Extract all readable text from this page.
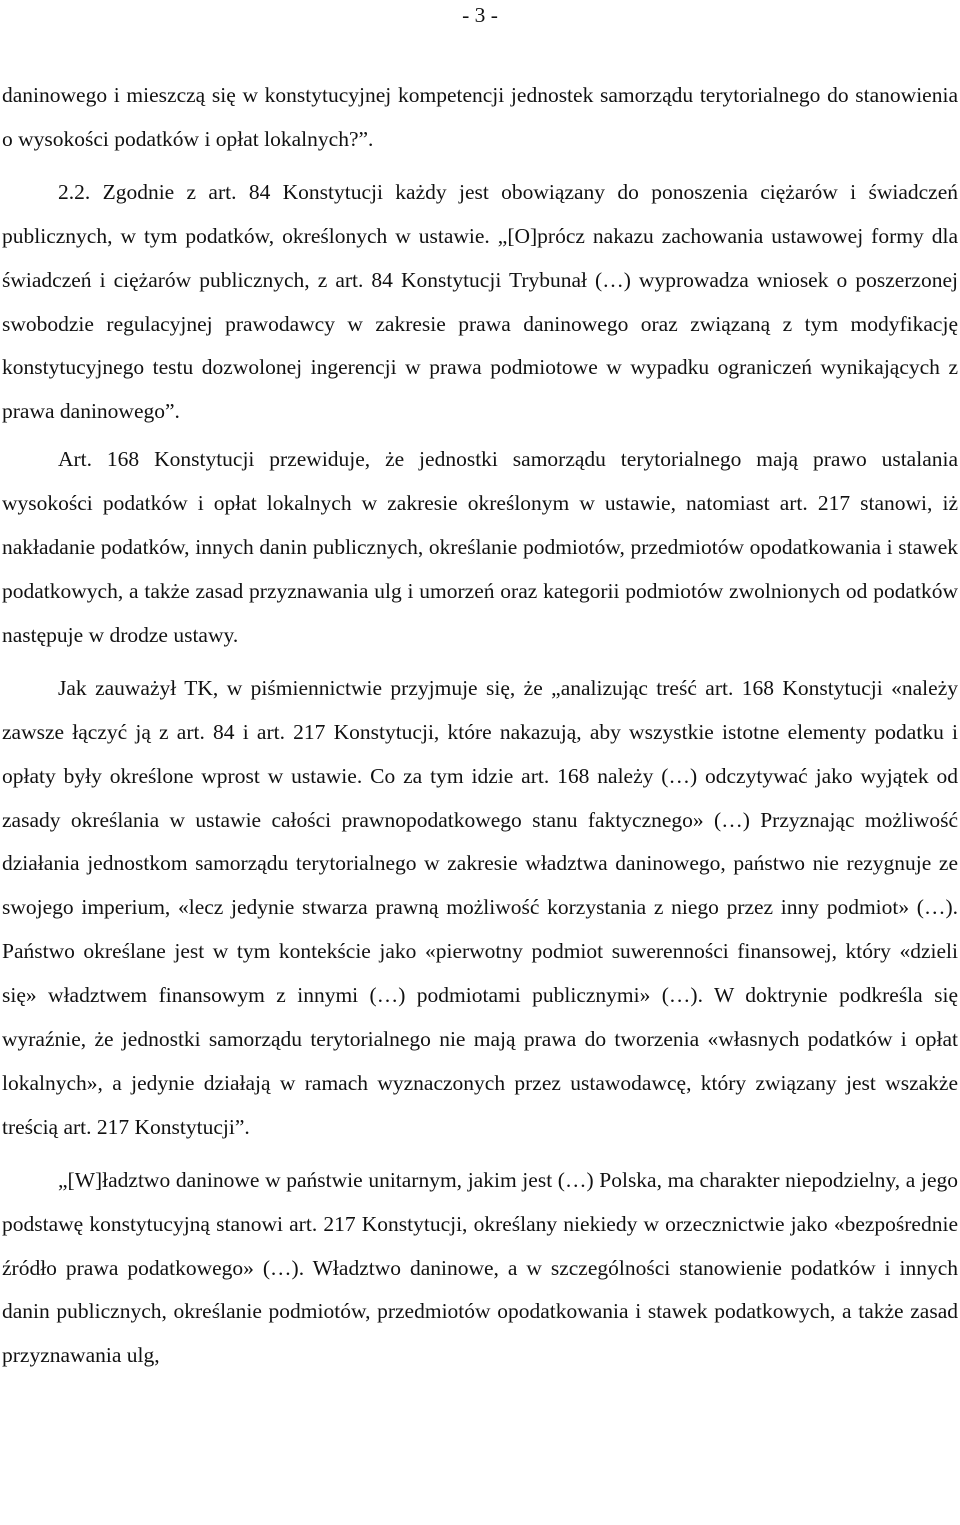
- 3 -

daninowego i mieszczą się w konstytucyjnej kompetencji jednostek samorządu terytorialnego do stanowienia o wysokości podatków i opłat lokalnych?”.

2.2. Zgodnie z art. 84 Konstytucji każdy jest obowiązany do ponoszenia ciężarów i świadczeń publicznych, w tym podatków, określonych w ustawie. „[O]prócz nakazu zachowania ustawowej formy dla świadczeń i ciężarów publicznych, z art. 84 Konstytucji Trybunał (…) wyprowadza wniosek o poszerzonej swobodzie regulacyjnej prawodawcy w zakresie prawa daninowego oraz związaną z tym modyfikację konstytucyjnego testu dozwolonej ingerencji w prawa podmiotowe w wypadku ograniczeń wynikających z prawa daninowego”.

Art. 168 Konstytucji przewiduje, że jednostki samorządu terytorialnego mają prawo ustalania wysokości podatków i opłat lokalnych w zakresie określonym w ustawie, natomiast art. 217 stanowi, iż nakładanie podatków, innych danin publicznych, określanie podmiotów, przedmiotów opodatkowania i stawek podatkowych, a także zasad przyznawania ulg i umorzeń oraz kategorii podmiotów zwolnionych od podatków następuje w drodze ustawy.

Jak zauważył TK, w piśmiennictwie przyjmuje się, że „analizując treść art. 168 Konstytucji «należy zawsze łączyć ją z art. 84 i art. 217 Konstytucji, które nakazują, aby wszystkie istotne elementy podatku i opłaty były określone wprost w ustawie. Co za tym idzie art. 168 należy (…) odczytywać jako wyjątek od zasady określania w ustawie całości prawnopodatkowego stanu faktycznego» (…) Przyznając możliwość działania jednostkom samorządu terytorialnego w zakresie władztwa daninowego, państwo nie rezygnuje ze swojego imperium, «lecz jedynie stwarza prawną możliwość korzystania z niego przez inny podmiot» (…). Państwo określane jest w tym kontekście jako «pierwotny podmiot suwerenności finansowej, który «dzieli się» władztwem finansowym z innymi (…) podmiotami publicznymi» (…). W doktrynie podkreśla się wyraźnie, że jednostki samorządu terytorialnego nie mają prawa do tworzenia «własnych podatków i opłat lokalnych», a jedynie działają w ramach wyznaczonych przez ustawodawcę, który związany jest wszakże treścią art. 217 Konstytucji”.

„[W]ładztwo daninowe w państwie unitarnym, jakim jest (…) Polska, ma charakter niepodzielny, a jego podstawę konstytucyjną stanowi art. 217 Konstytucji, określany niekiedy w orzecznictwie jako «bezpośrednie źródło prawa podatkowego» (…). Władztwo daninowe, a w szczególności stanowienie podatków i innych danin publicznych, określanie podmiotów, przedmiotów opodatkowania i stawek podatkowych, a także zasad przyznawania ulg,
